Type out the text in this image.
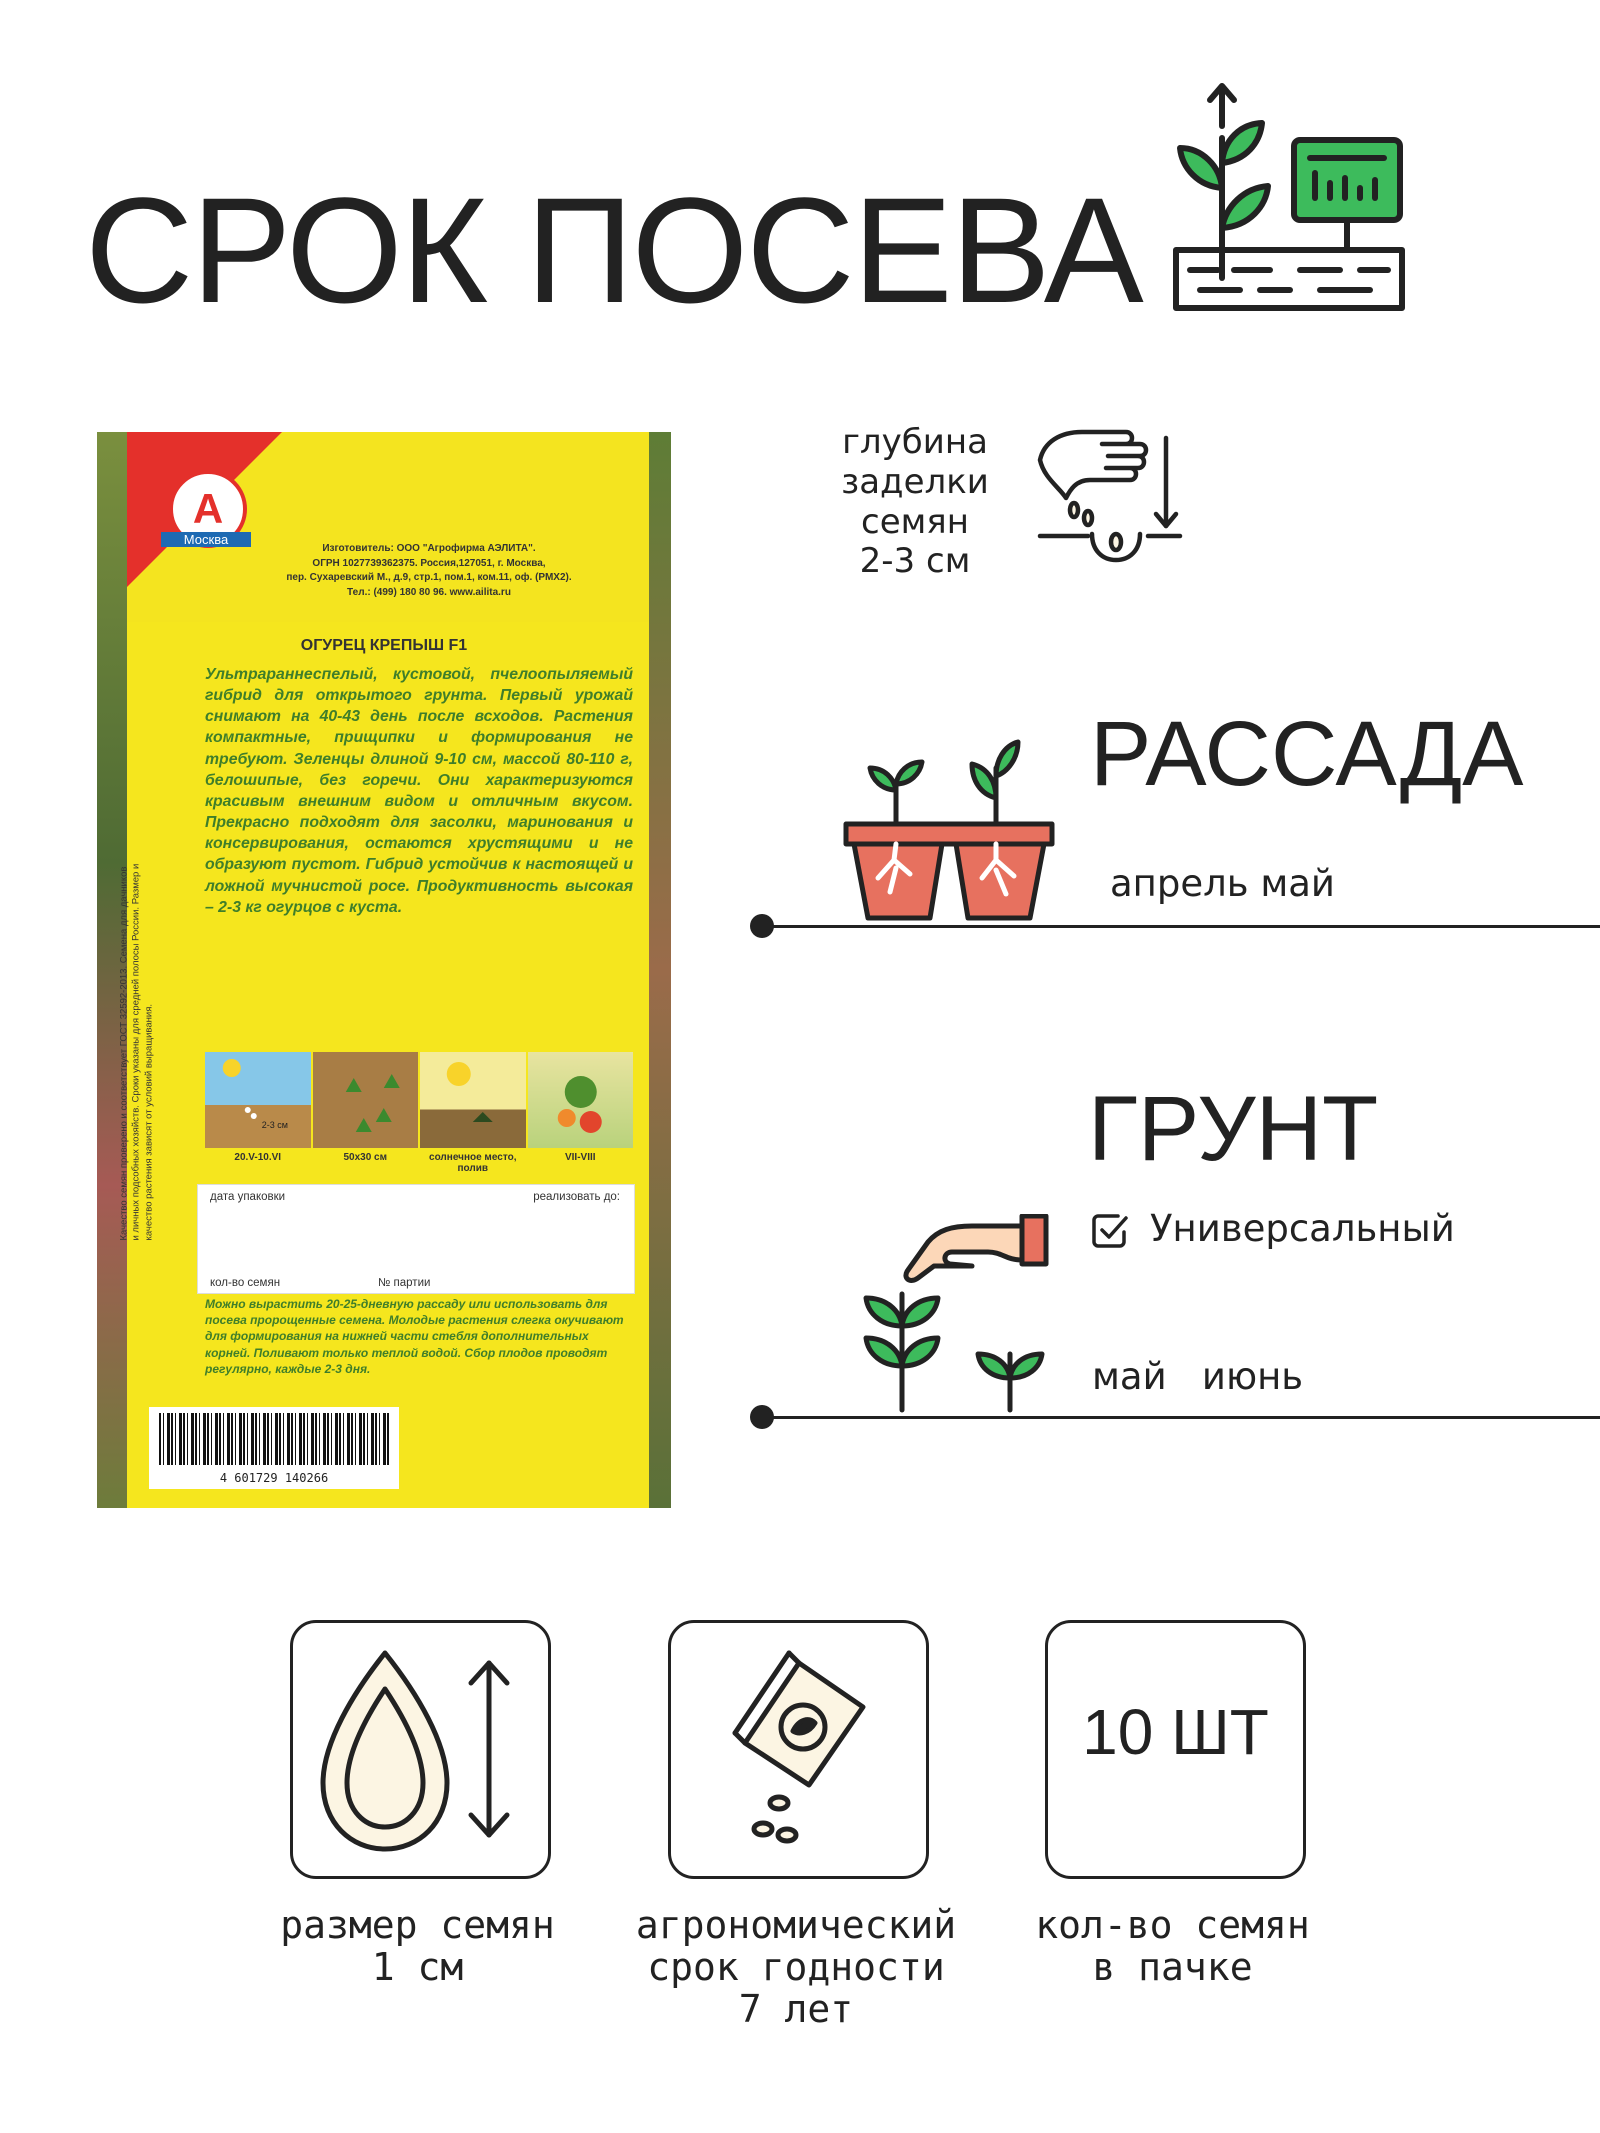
СРОК ПОСЕВА
А
Москва
Изготовитель: ООО "Агрофирма АЭЛИТА".
ОГРН 1027739362375. Россия,127051, г. Москва,
пер. Сухаревский М., д.9, стр.1, пом.1, ком.11, оф. (РМХ2).
Тел.: (499) 180 80 96. www.ailita.ru
ОГУРЕЦ КРЕПЫШ F1
Ультрараннеспелый, кустовой, пчелоопыляемый гибрид для открытого грунта. Первый урожай снимают на 40-43 день после всходов. Растения компактные, прищипки и формирования не требуют. Зеленцы длиной 9-10 см, массой 80-110 г, белошипые, без горечи. Они характеризуются красивым внешним видом и отличным вкусом. Прекрасно подходят для засолки, маринования и консервирования, остаются хрустящими и не образуют пустот. Гибрид устойчив к настоящей и ложной мучнистой росе. Продуктивность высокая – 2-3 кг огурцов с куста.
Качество семян проверено и соответствует ГОСТ 32592-2013. Семена для дачников и личных подсобных хозяйств. Сроки указаны для средней полосы России. Размер и качество растения зависят от условий выращивания.	2-3 см
20.V-10.VI	50x30 см	солнечное место, полив
VII-VIII
дата упаковки	реализовать до:
кол-во семян	№ партии
Можно вырастить 20-25-дневную рассаду или использовать для посева пророщенные семена. Молодые растения слегка окучивают для формирования на нижней части стебля дополнительных корней. Поливают только теплой водой. Сбор плодов проводят регулярно, каждые 2-3 дня.
4 601729 140266
глубина
заделки
семян
2-3 см
РАССАДА
апрель май
ГРУНТ
Универсальный
май   июнь
размер семян
1 см
агрономический
срок годности
7 лет
10 ШТ
кол-во семян
в пачке
